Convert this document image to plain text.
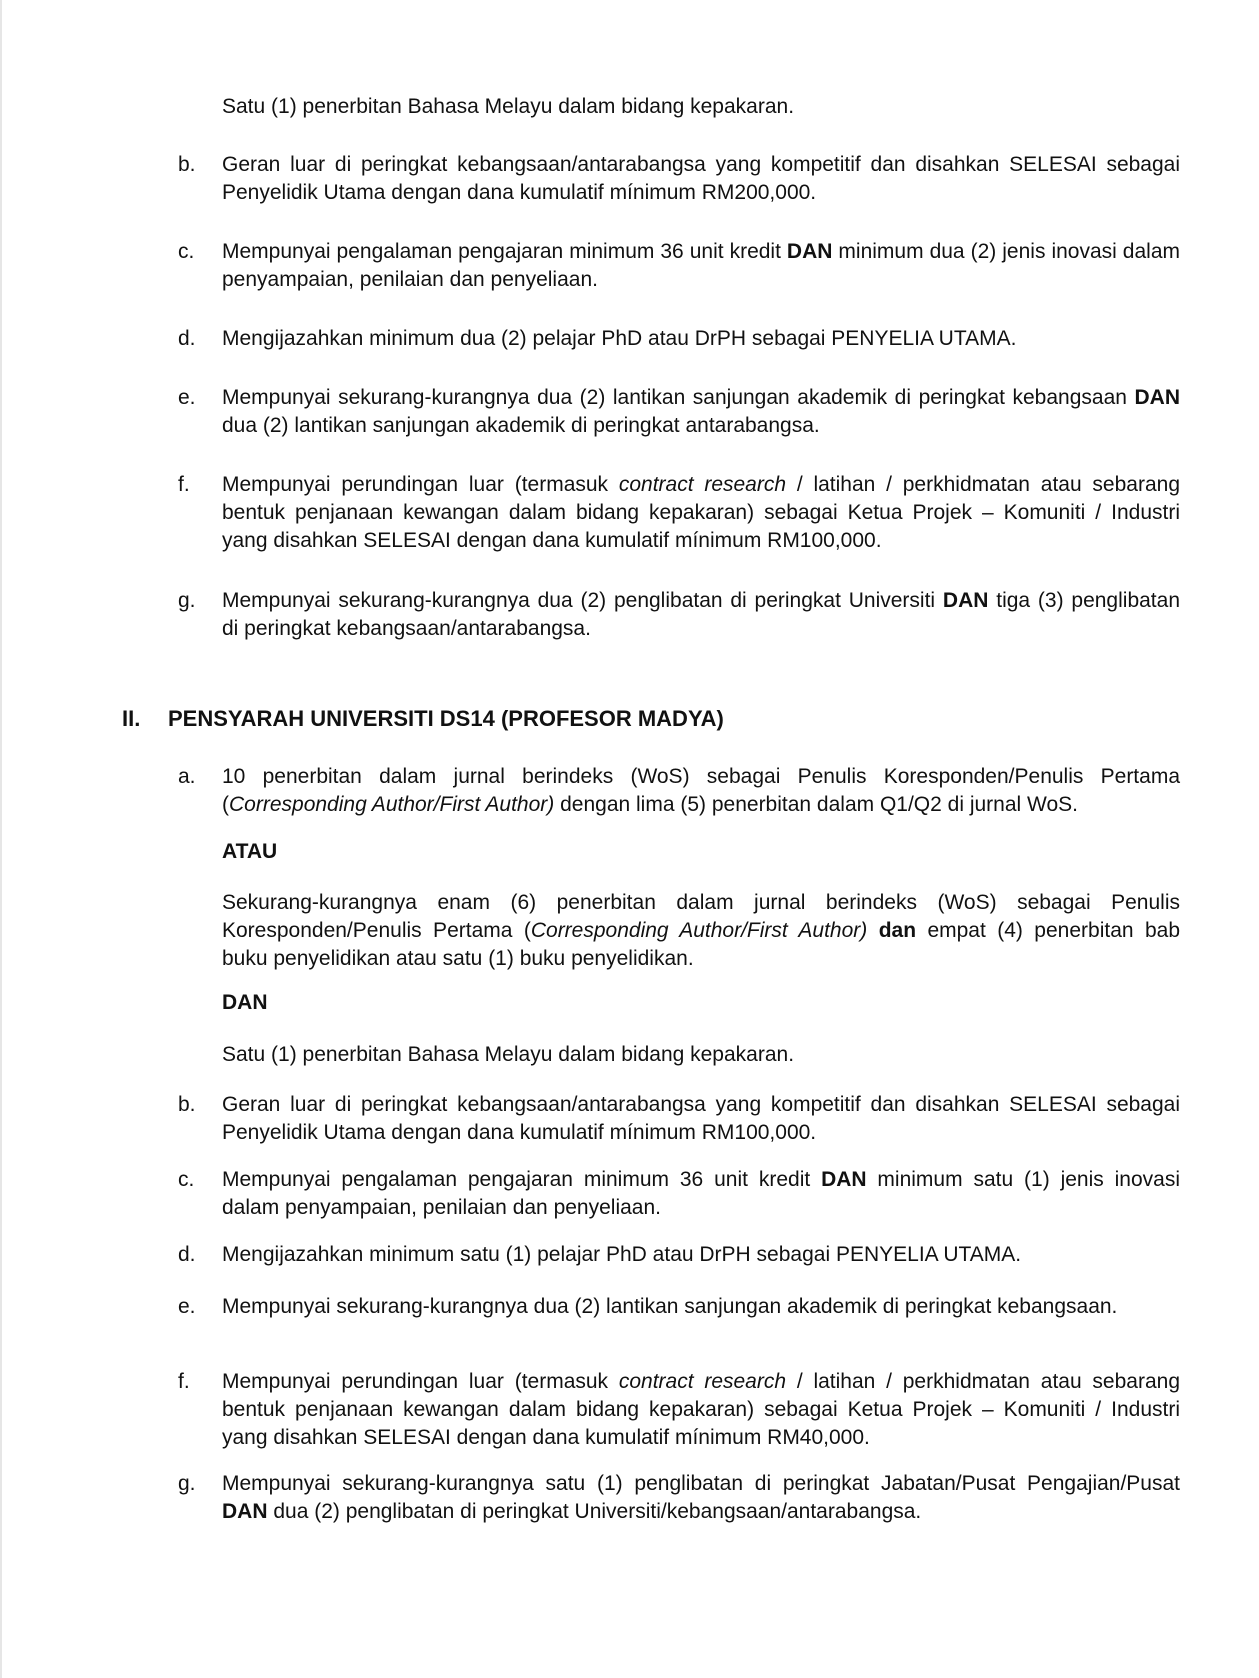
Satu (1) penerbitan Bahasa Melayu dalam bidang kepakaran.
b.	Geran luar di peringkat kebangsaan/antarabangsa yang kompetitif dan disahkan SELESAI sebagai Penyelidik Utama dengan dana kumulatif mínimum RM200,000.
c.	Mempunyai pengalaman pengajaran minimum 36 unit kredit DAN minimum dua (2) jenis inovasi dalam penyampaian, penilaian dan penyeliaan.
d.	Mengijazahkan minimum dua (2) pelajar PhD atau DrPH sebagai PENYELIA UTAMA.
e.	Mempunyai sekurang-kurangnya dua (2) lantikan sanjungan akademik di peringkat kebangsaan DAN dua (2) lantikan sanjungan akademik di peringkat antarabangsa.
f.	Mempunyai perundingan luar (termasuk contract research / latihan / perkhidmatan atau sebarang bentuk penjanaan kewangan dalam bidang kepakaran) sebagai Ketua Projek – Komuniti / Industri yang disahkan SELESAI dengan dana kumulatif mínimum RM100,000.
g.	Mempunyai sekurang-kurangnya dua (2) penglibatan di peringkat Universiti DAN tiga (3) penglibatan di peringkat kebangsaan/antarabangsa.
II. PENSYARAH UNIVERSITI DS14 (PROFESOR MADYA)
a.	10 penerbitan dalam jurnal berindeks (WoS) sebagai Penulis Koresponden/Penulis Pertama (Corresponding Author/First Author) dengan lima (5) penerbitan dalam Q1/Q2 di jurnal WoS.
ATAU
Sekurang-kurangnya enam (6) penerbitan dalam jurnal berindeks (WoS) sebagai Penulis Koresponden/Penulis Pertama (Corresponding Author/First Author) dan empat (4) penerbitan bab buku penyelidikan atau satu (1) buku penyelidikan.
DAN
Satu (1) penerbitan Bahasa Melayu dalam bidang kepakaran.
b.	Geran luar di peringkat kebangsaan/antarabangsa yang kompetitif dan disahkan SELESAI sebagai Penyelidik Utama dengan dana kumulatif mínimum RM100,000.
c.	Mempunyai pengalaman pengajaran minimum 36 unit kredit DAN minimum satu (1) jenis inovasi dalam penyampaian, penilaian dan penyeliaan.
d.	Mengijazahkan minimum satu (1) pelajar PhD atau DrPH sebagai PENYELIA UTAMA.
e.	Mempunyai sekurang-kurangnya dua (2) lantikan sanjungan akademik di peringkat kebangsaan.
f.	Mempunyai perundingan luar (termasuk contract research / latihan / perkhidmatan atau sebarang bentuk penjanaan kewangan dalam bidang kepakaran) sebagai Ketua Projek – Komuniti / Industri yang disahkan SELESAI dengan dana kumulatif mínimum RM40,000.
g.	Mempunyai sekurang-kurangnya satu (1) penglibatan di peringkat Jabatan/Pusat Pengajian/Pusat DAN dua (2) penglibatan di peringkat Universiti/kebangsaan/antarabangsa.
